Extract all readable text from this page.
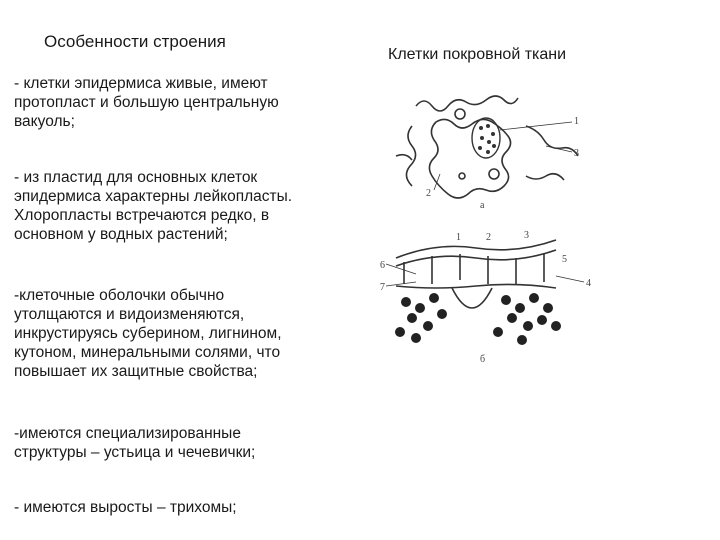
Особенности строения
Клетки покровной ткани

- клетки эпидермиса живые, имеют
протопласт и большую центральную
вакуоль;

- из пластид для основных клеток
эпидермиса характерны лейкопласты.
Хлоропласты встречаются редко, в
основном у водных растений;

-клеточные оболочки обычно
утолщаются и видоизменяются,
инкрустируясь суберином, лигнином,
кутоном, минеральными солями, что
повышает их защитные свойства;

-имеются специализированные
структуры – устьица и чечевички;

- имеются выросты – трихомы;

1
3
2
а
6
7
1	2	3
4
5
б
